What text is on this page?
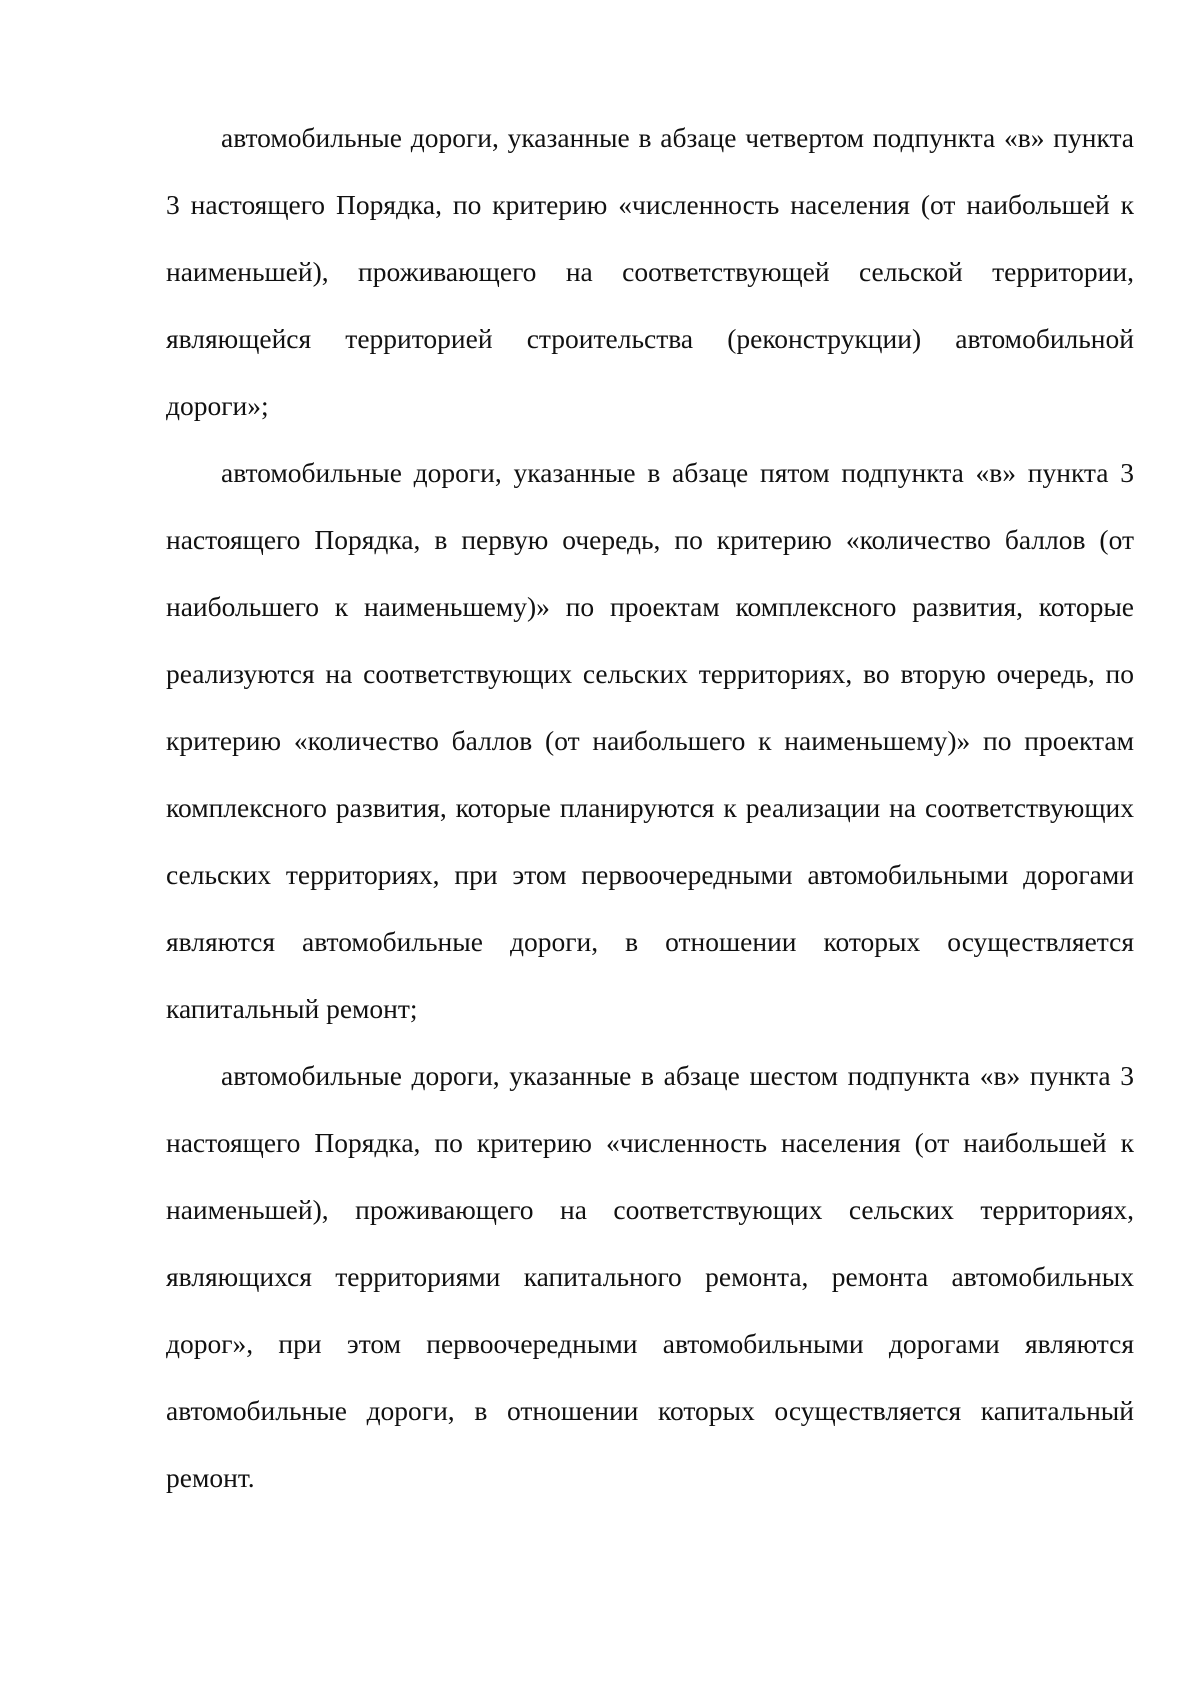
автомобильные дороги, указанные в абзаце четвертом подпункта «в» пункта 3 настоящего Порядка, по критерию «численность населения (от наибольшей к наименьшей), проживающего на соответствующей сельской территории, являющейся территорией строительства (реконструкции) автомобильной дороги»;

автомобильные дороги, указанные в абзаце пятом подпункта «в» пункта 3 настоящего Порядка, в первую очередь, по критерию «количество баллов (от наибольшего к наименьшему)» по проектам комплексного развития, которые реализуются на соответствующих сельских территориях, во вторую очередь, по критерию «количество баллов (от наибольшего к наименьшему)» по проектам комплексного развития, которые планируются к реализации на соответствующих сельских территориях, при этом первоочередными автомобильными дорогами являются автомобильные дороги, в отношении которых осуществляется капитальный ремонт;

автомобильные дороги, указанные в абзаце шестом подпункта «в» пункта 3 настоящего Порядка, по критерию «численность населения (от наибольшей к наименьшей), проживающего на соответствующих сельских территориях, являющихся территориями капитального ремонта, ремонта автомобильных дорог», при этом первоочередными автомобильными дорогами являются автомобильные дороги, в отношении которых осуществляется капитальный ремонт.
